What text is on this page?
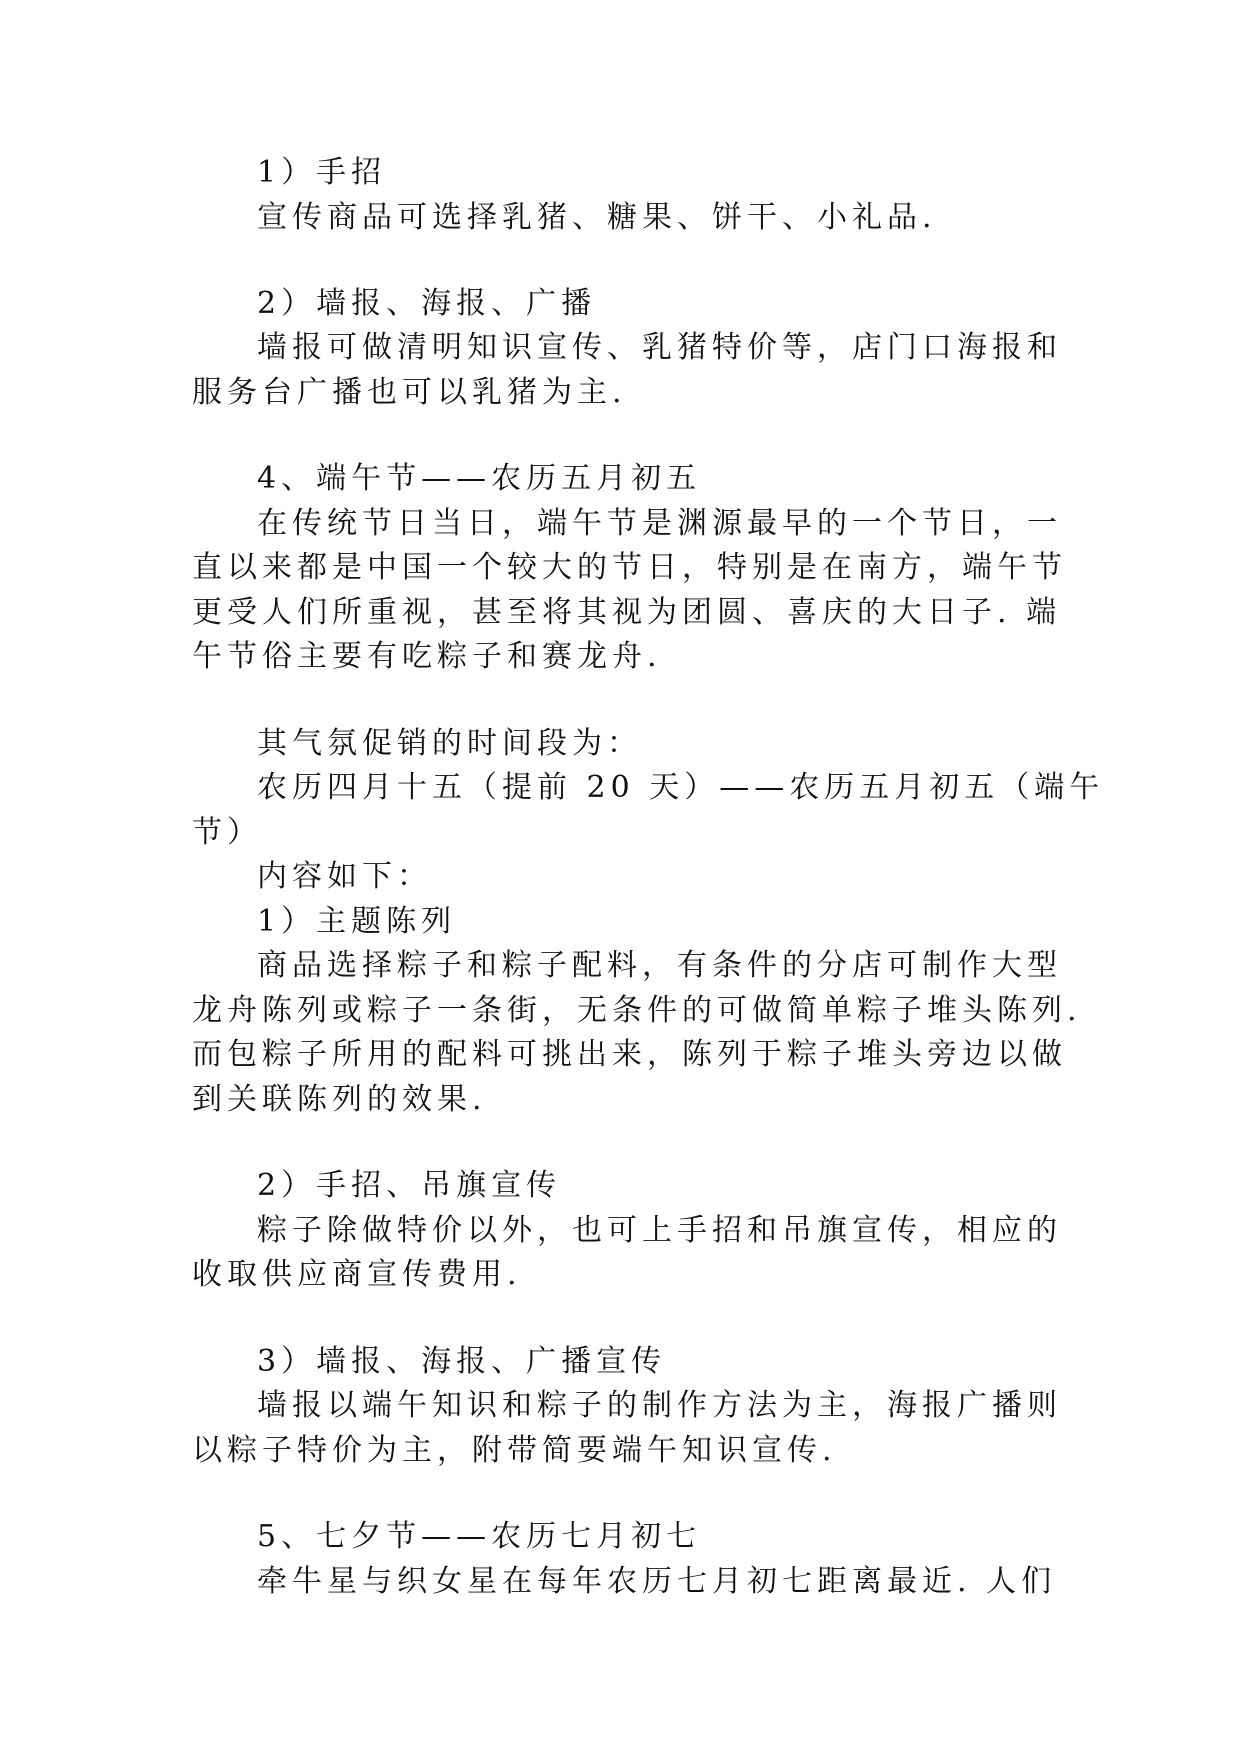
1）手招

宣传商品可选择乳猪、糖果、饼干、小礼品.

2）墙报、海报、广播

墙报可做清明知识宣传、乳猪特价等，店门口海报和

服务台广播也可以乳猪为主.

4、端午节——农历五月初五

在传统节日当日，端午节是渊源最早的一个节日，一

直以来都是中国一个较大的节日，特别是在南方，端午节

更受人们所重视，甚至将其视为团圆、喜庆的大日子. 端

午节俗主要有吃粽子和赛龙舟.

其气氛促销的时间段为：

农历四月十五（提前 20 天）——农历五月初五（端午

节）

内容如下：

1）主题陈列

商品选择粽子和粽子配料，有条件的分店可制作大型

龙舟陈列或粽子一条街，无条件的可做简单粽子堆头陈列.

而包粽子所用的配料可挑出来，陈列于粽子堆头旁边以做

到关联陈列的效果.

2）手招、吊旗宣传

粽子除做特价以外，也可上手招和吊旗宣传，相应的

收取供应商宣传费用.

3）墙报、海报、广播宣传

墙报以端午知识和粽子的制作方法为主，海报广播则

以粽子特价为主，附带简要端午知识宣传.

5、七夕节——农历七月初七

牵牛星与织女星在每年农历七月初七距离最近. 人们
